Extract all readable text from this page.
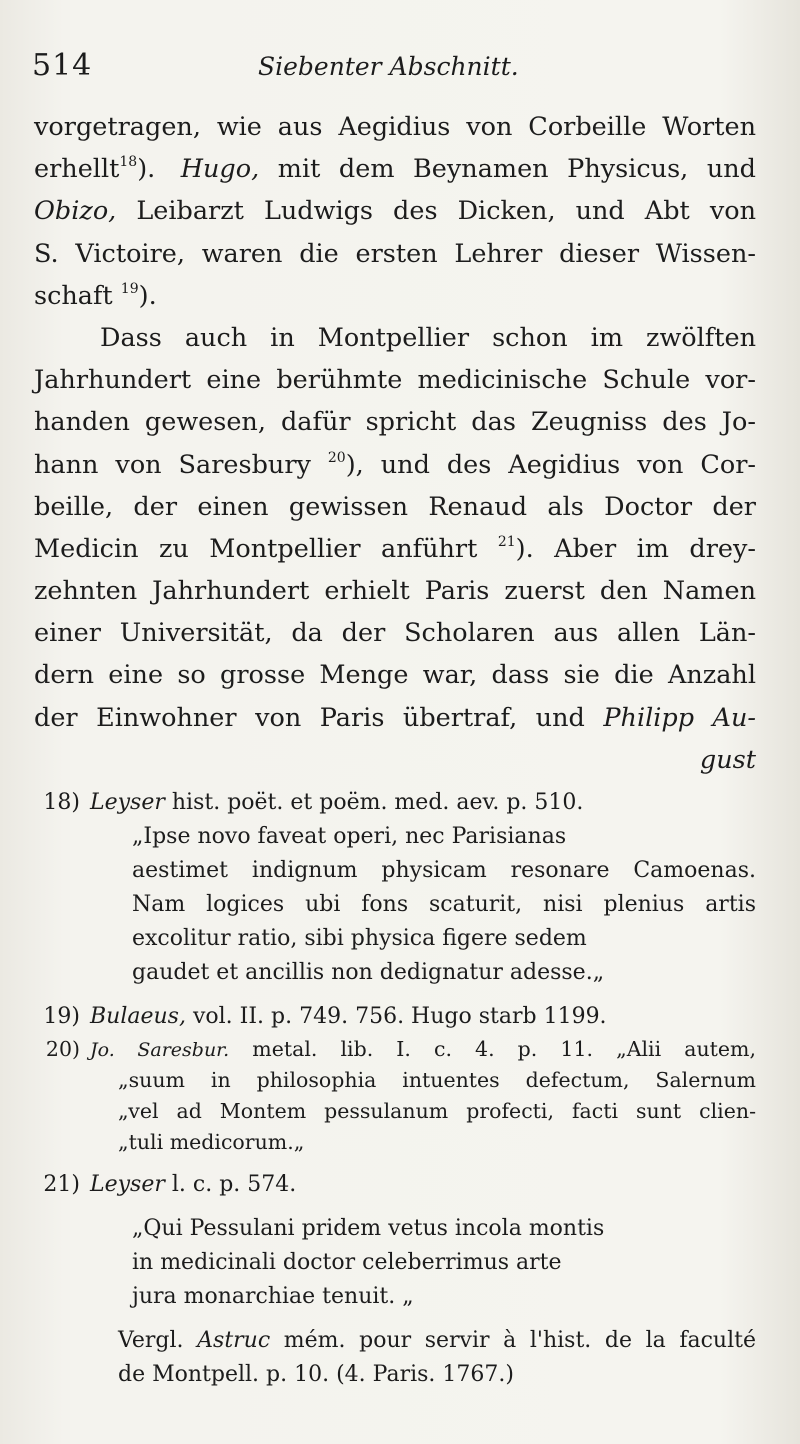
514	Siebenter Abschnitt.
vorgetragen, wie aus Aegidius von Corbeille Worten
erhellt$^{18}$).  Hugo, mit dem Beynamen Physicus, und
Obizo, Leibarzt Ludwigs des Dicken, und Abt von
S. Victoire, waren die ersten Lehrer dieser Wissen-
schaft $^{19}$).
Dass auch in Montpellier schon im zwölften
Jahrhundert eine berühmte medicinische Schule vor-
handen gewesen, dafür spricht das Zeugniss des Jo-
hann von Saresbury $^{20}$), und des Aegidius von Cor-
beille, der einen gewissen Renaud als Doctor der
Medicin zu Montpellier anführt $^{21}$). Aber im drey-
zehnten Jahrhundert erhielt Paris zuerst den Namen
einer Universität, da der Scholaren aus allen Län-
dern eine so grosse Menge war, dass sie die Anzahl
der Einwohner von Paris übertraf, und Philipp Au-
gust
18) Leyser hist. poët. et poëm. med. aev. p. 510.
„Ipse novo faveat operi, nec Parisianas
aestimet indignum physicam resonare Camoenas.
Nam logices ubi fons scaturit, nisi plenius artis
excolitur ratio, sibi physica figere sedem
gaudet et ancillis non dedignatur adesse.„
19) Bulaeus, vol. II. p. 749. 756. Hugo starb 1199.
20) Jo. Saresbur. metal. lib. I. c. 4. p. 11. „Alii autem,
„suum in philosophia intuentes defectum, Salernum
„vel ad Montem pessulanum profecti, facti sunt clien-
„tuli medicorum.„
21) Leyser l. c. p. 574.
„Qui Pessulani pridem vetus incola montis
in medicinali doctor celeberrimus arte
jura monarchiae tenuit. „
Vergl. Astruc mém. pour servir à l'hist. de la faculté
de Montpell. p. 10. (4. Paris. 1767.)
